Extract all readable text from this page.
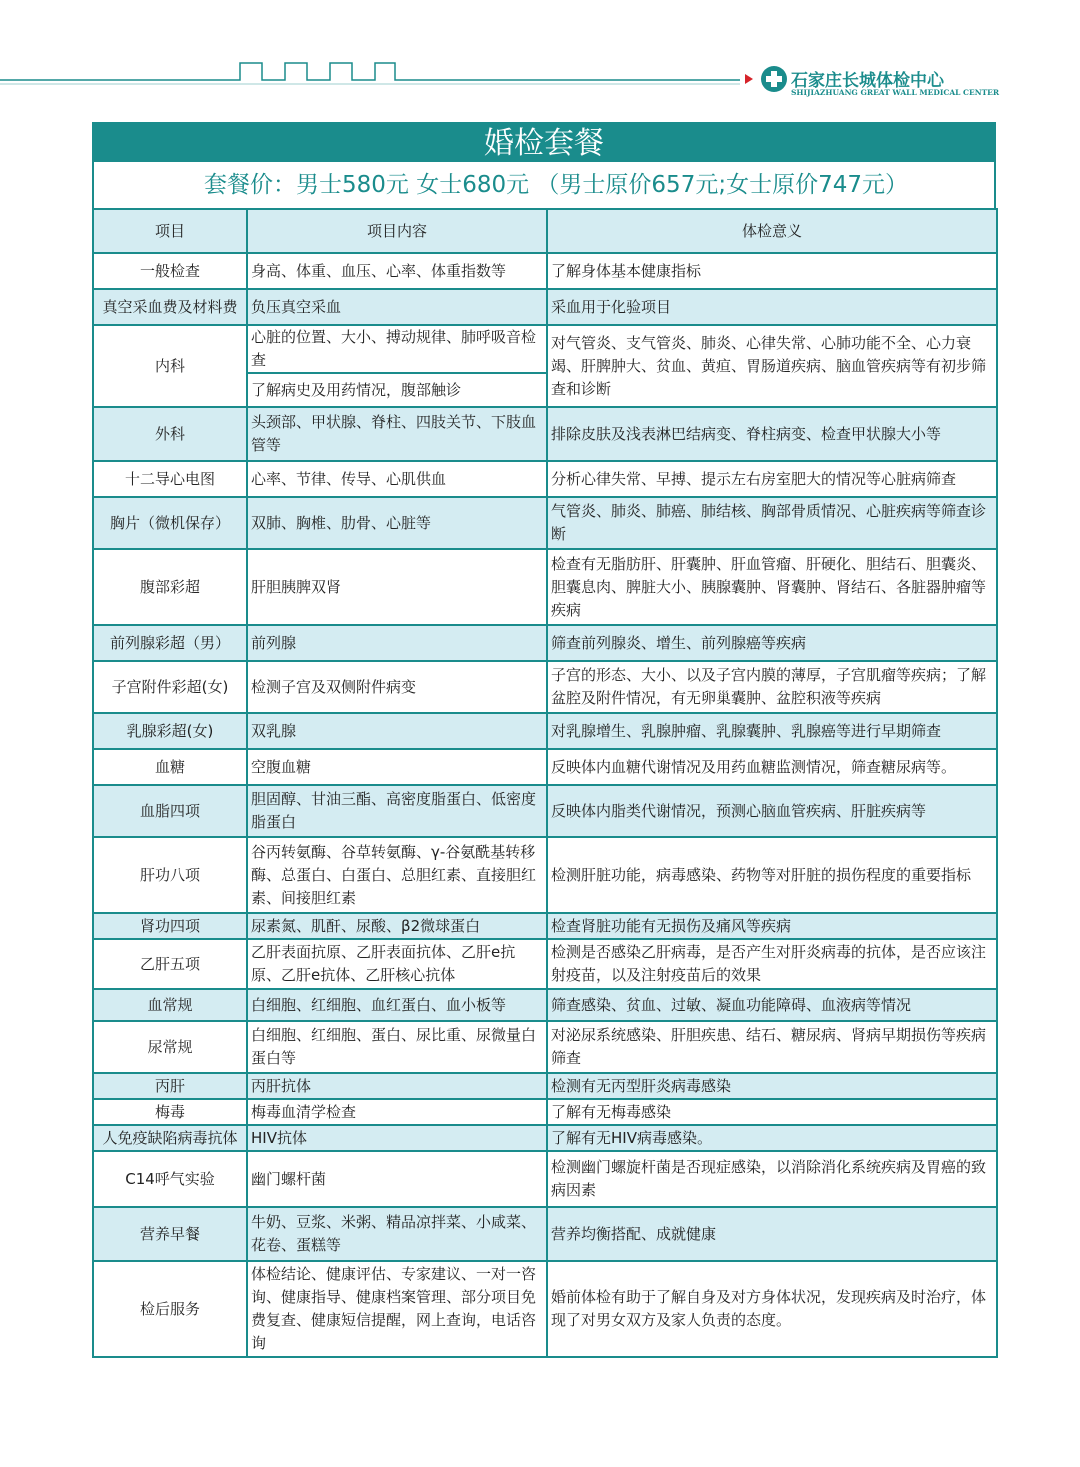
石家庄长城体检中心
SHIJIAZHUANG GREAT WALL MEDICAL CENTER
婚检套餐
套餐价：男士580元 女士680元 （男士原价657元;女士原价747元）
项目	项目内容	体检意义
一般检查	身高、体重、血压、心率、体重指数等	了解身体基本健康指标
真空采血费及材料费	负压真空采血	采血用于化验项目
内科	心脏的位置、大小、搏动规律、肺呼吸音检查	对气管炎、支气管炎、肺炎、心律失常、心肺功能不全、心力衰竭、肝脾肿大、贫血、黄疸、胃肠道疾病、脑血管疾病等有初步筛查和诊断
	了解病史及用药情况，腹部触诊	
外科	头颈部、甲状腺、脊柱、四肢关节、下肢血管等	排除皮肤及浅表淋巴结病变、脊柱病变、检查甲状腺大小等
十二导心电图	心率、节律、传导、心肌供血	分析心律失常、早搏、提示左右房室肥大的情况等心脏病筛查
胸片（微机保存）	双肺、胸椎、肋骨、心脏等	气管炎、肺炎、肺癌、肺结核、胸部骨质情况、心脏疾病等筛查诊断
腹部彩超	肝胆胰脾双肾	检查有无脂肪肝、肝囊肿、肝血管瘤、肝硬化、胆结石、胆囊炎、胆囊息肉、脾脏大小、胰腺囊肿、肾囊肿、肾结石、各脏器肿瘤等疾病
前列腺彩超（男）	前列腺	筛查前列腺炎、增生、前列腺癌等疾病
子宫附件彩超(女)	检测子宫及双侧附件病变	子宫的形态、大小、以及子宫内膜的薄厚，子宫肌瘤等疾病；了解盆腔及附件情况，有无卵巢囊肿、盆腔积液等疾病
乳腺彩超(女)	双乳腺	对乳腺增生、乳腺肿瘤、乳腺囊肿、乳腺癌等进行早期筛查
血糖	空腹血糖	反映体内血糖代谢情况及用药血糖监测情况，筛查糖尿病等。
血脂四项	胆固醇、甘油三酯、高密度脂蛋白、低密度脂蛋白	反映体内脂类代谢情况，预测心脑血管疾病、肝脏疾病等
肝功八项	谷丙转氨酶、谷草转氨酶、γ-谷氨酰基转移酶、总蛋白、白蛋白、总胆红素、直接胆红素、间接胆红素	检测肝脏功能，病毒感染、药物等对肝脏的损伤程度的重要指标
肾功四项	尿素氮、肌酐、尿酸、β2微球蛋白	检查肾脏功能有无损伤及痛风等疾病
乙肝五项	乙肝表面抗原、乙肝表面抗体、乙肝e抗原、乙肝e抗体、乙肝核心抗体	检测是否感染乙肝病毒，是否产生对肝炎病毒的抗体，是否应该注射疫苗，以及注射疫苗后的效果
血常规	白细胞、红细胞、血红蛋白、血小板等	筛查感染、贫血、过敏、凝血功能障碍、血液病等情况
尿常规	白细胞、红细胞、蛋白、尿比重、尿微量白蛋白等	对泌尿系统感染、肝胆疾患、结石、糖尿病、肾病早期损伤等疾病筛查
丙肝	丙肝抗体	检测有无丙型肝炎病毒感染
梅毒	梅毒血清学检查	了解有无梅毒感染
人免疫缺陷病毒抗体	HIV抗体	了解有无HIV病毒感染。
C14呼气实验	幽门螺杆菌	检测幽门螺旋杆菌是否现症感染，以消除消化系统疾病及胃癌的致病因素
营养早餐	牛奶、豆浆、米粥、精品凉拌菜、小咸菜、花卷、蛋糕等	营养均衡搭配、成就健康
检后服务	体检结论、健康评估、专家建议、一对一咨询、健康指导、健康档案管理、部分项目免费复查、健康短信提醒，网上查询，电话咨询	婚前体检有助于了解自身及对方身体状况，发现疾病及时治疗，体现了对男女双方及家人负责的态度。
